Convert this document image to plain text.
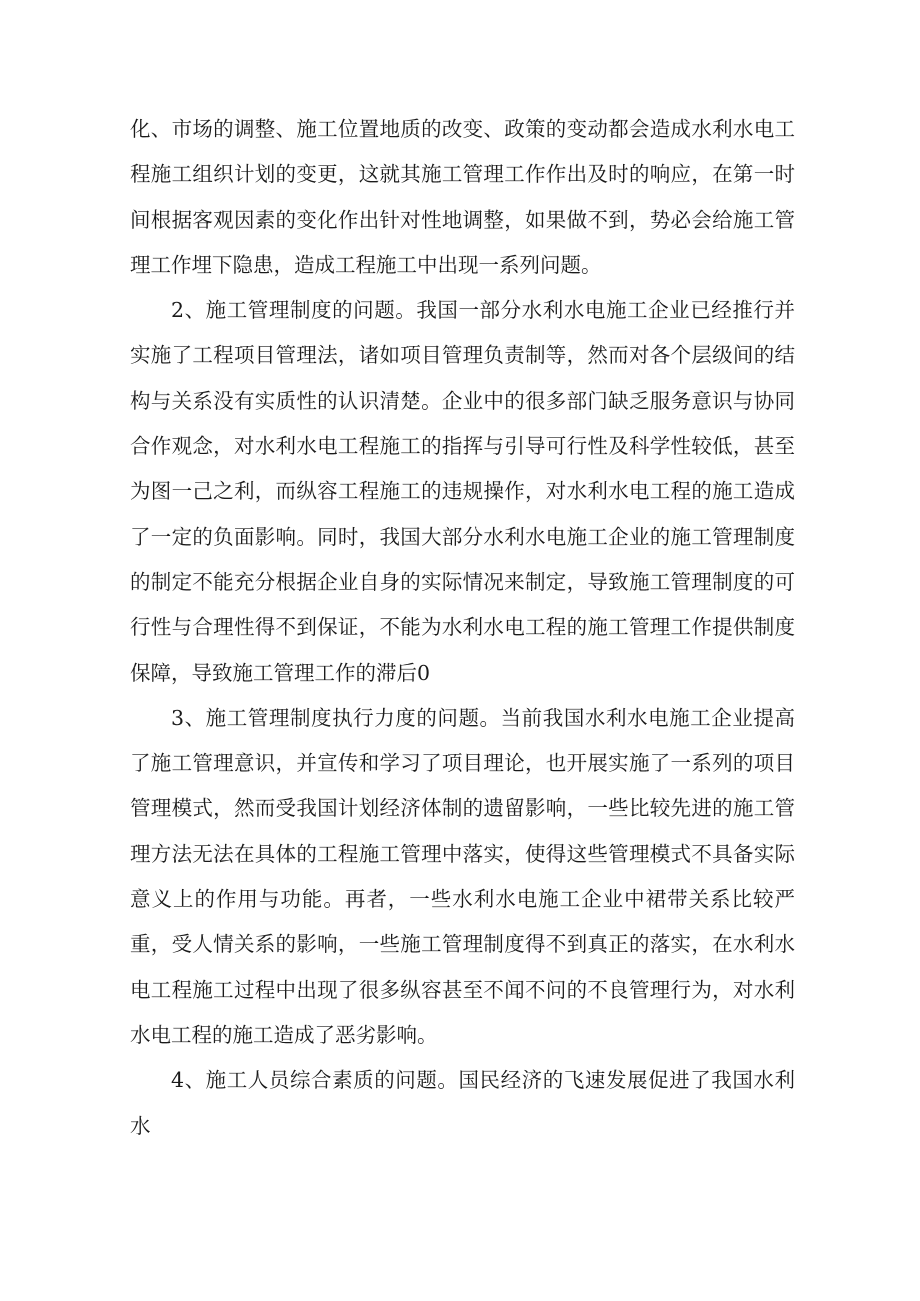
化、市场的调整、施工位置地质的改变、政策的变动都会造成水利水电工程施工组织计划的变更，这就其施工管理工作作出及时的响应，在第一时间根据客观因素的变化作出针对性地调整，如果做不到，势必会给施工管理工作埋下隐患，造成工程施工中出现一系列问题。

2、施工管理制度的问题。我国一部分水利水电施工企业已经推行并实施了工程项目管理法，诸如项目管理负责制等，然而对各个层级间的结构与关系没有实质性的认识清楚。企业中的很多部门缺乏服务意识与协同合作观念，对水利水电工程施工的指挥与引导可行性及科学性较低，甚至为图一己之利，而纵容工程施工的违规操作，对水利水电工程的施工造成了一定的负面影响。同时，我国大部分水利水电施工企业的施工管理制度的制定不能充分根据企业自身的实际情况来制定，导致施工管理制度的可行性与合理性得不到保证，不能为水利水电工程的施工管理工作提供制度保障，导致施工管理工作的滞后0

3、施工管理制度执行力度的问题。当前我国水利水电施工企业提高了施工管理意识，并宣传和学习了项目理论，也开展实施了一系列的项目管理模式，然而受我国计划经济体制的遗留影响，一些比较先进的施工管理方法无法在具体的工程施工管理中落实，使得这些管理模式不具备实际意义上的作用与功能。再者，一些水利水电施工企业中裙带关系比较严重，受人情关系的影响，一些施工管理制度得不到真正的落实，在水利水电工程施工过程中出现了很多纵容甚至不闻不问的不良管理行为，对水利水电工程的施工造成了恶劣影响。

4、施工人员综合素质的问题。国民经济的飞速发展促进了我国水利水
